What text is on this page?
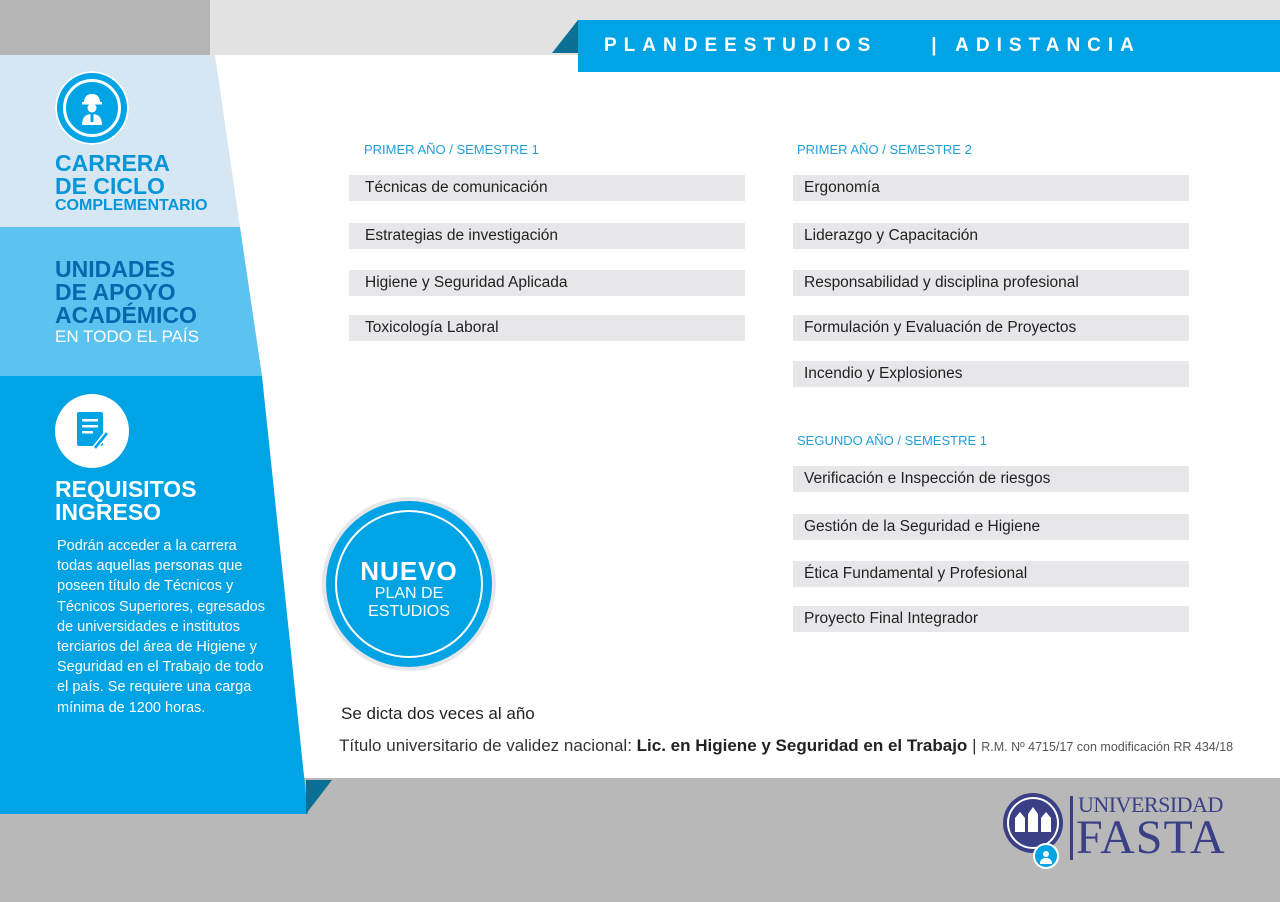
PLANDEESTUDIOS	| ADISTANCIA

CARRERA

DE CICLO

COMPLEMENTARIO

UNIDADES

DE APOYO

ACADÉMICO

EN TODO EL PAÍS

REQUISITOS

INGRESO

Podrán acceder a la carrera todas aquellas personas que poseen título de Técnicos y Técnicos Superiores, egresados de universidades e institutos terciarios del área de Higiene y Seguridad en el Trabajo de todo el país. Se requiere una carga mínima de 1200 horas.
PRIMER AÑO / SEMESTRE 1
Técnicas de comunicación
Estrategias de investigación
Higiene y Seguridad Aplicada
Toxicología Laboral
PRIMER AÑO / SEMESTRE 2
Ergonomía
Liderazgo y Capacitación
Responsabilidad y disciplina profesional
Formulación y Evaluación de Proyectos
Incendio y Explosiones
SEGUNDO AÑO / SEMESTRE 1
Verificación e Inspección de riesgos
Gestión de la Seguridad e Higiene
Ética Fundamental y Profesional
Proyecto Final Integrador
NUEVO
PLAN DE
ESTUDIOS
Se dicta dos veces al año
Título universitario de validez nacional: Lic. en Higiene y Seguridad en el Trabajo | R.M. Nº 4715/17 con modificación RR 434/18
UNIVERSIDAD
FASTA
